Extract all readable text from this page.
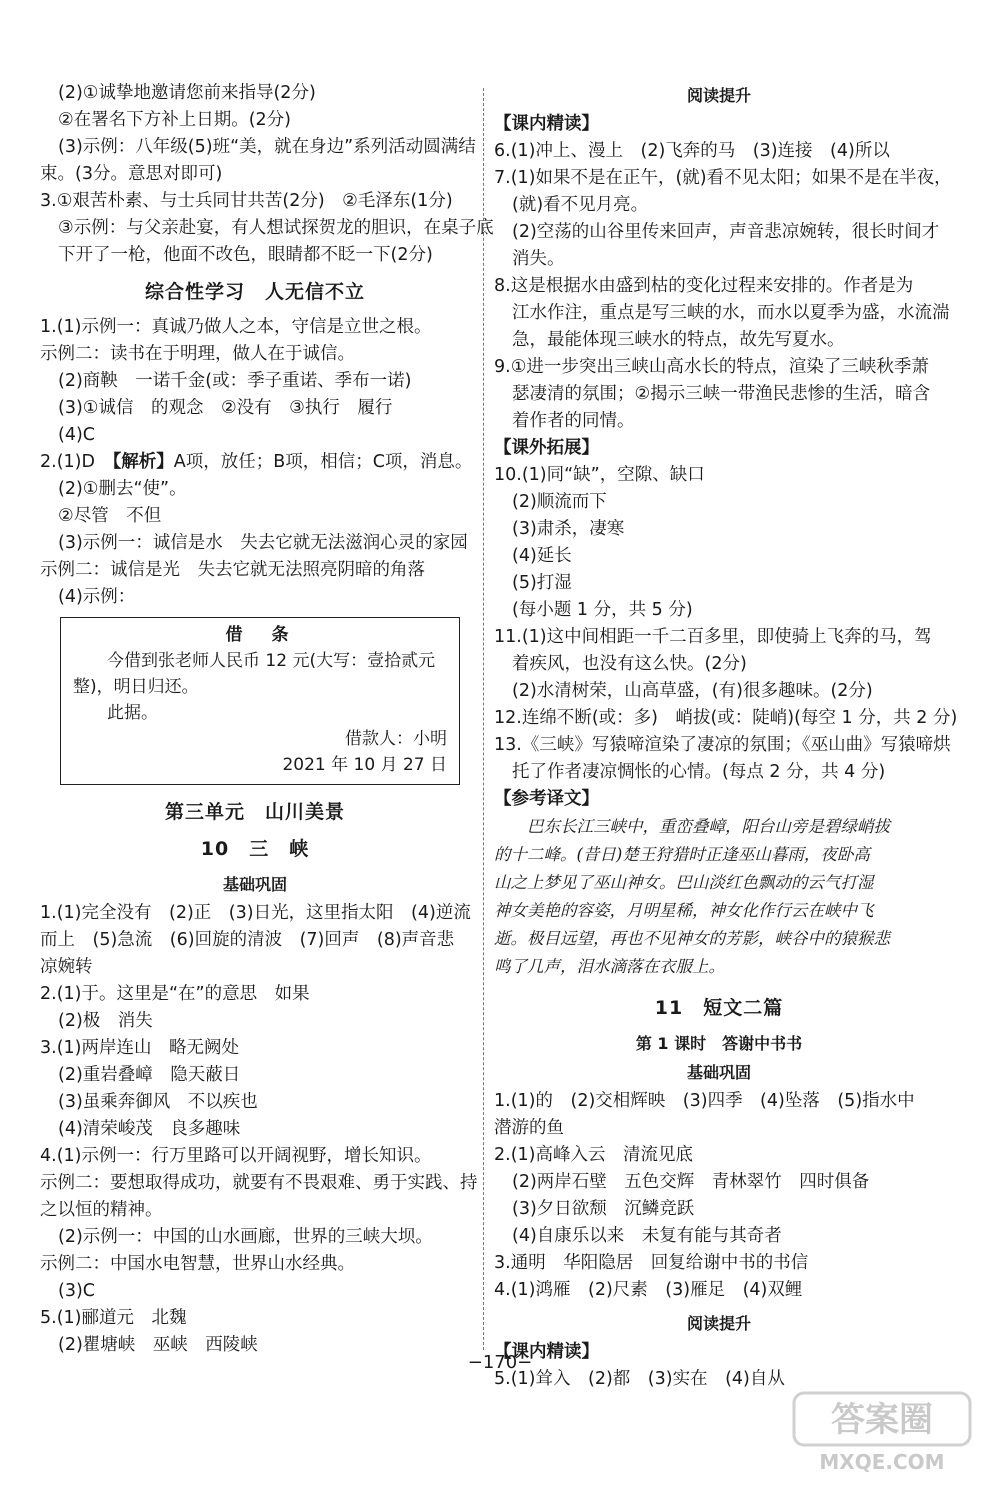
(2)①诚挚地邀请您前来指导(2分)
②在署名下方补上日期。(2分)
(3)示例：八年级(5)班“美，就在身边”系列活动圆满结
束。(3分。意思对即可)
3.①艰苦朴素、与士兵同甘共苦(2分)　②毛泽东(1分)
③示例：与父亲赴宴，有人想试探贺龙的胆识，在桌子底
下开了一枪，他面不改色，眼睛都不眨一下(2分)
综合性学习　人无信不立
1.(1)示例一：真诚乃做人之本，守信是立世之根。
示例二：读书在于明理，做人在于诚信。
(2)商鞅　一诺千金(或：季子重诺、季布一诺)
(3)①诚信　的观念　②没有　③执行　履行
(4)C
2.(1)D　【解析】A项，放任；B项，相信；C项，消息。
(2)①删去“使”。
②尽管　不但
(3)示例一：诚信是水　失去它就无法滋润心灵的家园
示例二：诚信是光　失去它就无法照亮阴暗的角落
(4)示例：
借　条
今借到张老师人民币 12 元(大写：壹拾贰元
整)，明日归还。
此据。
借款人：小明
2021 年 10 月 27 日
第三单元　山川美景
10　三　峡
基础巩固
1.(1)完全没有　(2)正　(3)日光，这里指太阳　(4)逆流
而上　(5)急流　(6)回旋的清波　(7)回声　(8)声音悲
凉婉转
2.(1)于。这里是“在”的意思　如果
(2)极　消失
3.(1)两岸连山　略无阙处
(2)重岩叠嶂　隐天蔽日
(3)虽乘奔御风　不以疾也
(4)清荣峻茂　良多趣味
4.(1)示例一：行万里路可以开阔视野，增长知识。
示例二：要想取得成功，就要有不畏艰难、勇于实践、持
之以恒的精神。
(2)示例一：中国的山水画廊，世界的三峡大坝。
示例二：中国水电智慧，世界山水经典。
(3)C
5.(1)郦道元　北魏
(2)瞿塘峡　巫峡　西陵峡
阅读提升
【课内精读】
6.(1)冲上、漫上　(2)飞奔的马　(3)连接　(4)所以
7.(1)如果不是在正午，(就)看不见太阳；如果不是在半夜，
(就)看不见月亮。
(2)空荡的山谷里传来回声，声音悲凉婉转，很长时间才
消失。
8.这是根据水由盛到枯的变化过程来安排的。作者是为
江水作注，重点是写三峡的水，而水以夏季为盛，水流湍
急，最能体现三峡水的特点，故先写夏水。
9.①进一步突出三峡山高水长的特点，渲染了三峡秋季萧
瑟凄清的氛围；②揭示三峡一带渔民悲惨的生活，暗含
着作者的同情。
【课外拓展】
10.(1)同“缺”，空隙、缺口
(2)顺流而下
(3)肃杀，凄寒
(4)延长
(5)打湿
(每小题 1 分，共 5 分)
11.(1)这中间相距一千二百多里，即使骑上飞奔的马，驾
着疾风，也没有这么快。(2分)
(2)水清树荣，山高草盛，(有)很多趣味。(2分)
12.连绵不断(或：多)　峭拔(或：陡峭)(每空 1 分，共 2 分)
13.《三峡》写猿啼渲染了凄凉的氛围；《巫山曲》写猿啼烘
托了作者凄凉惆怅的心情。(每点 2 分，共 4 分)
【参考译文】
巴东长江三峡中，重峦叠嶂，阳台山旁是碧绿峭拔
的十二峰。(昔日)楚王狩猎时正逢巫山暮雨，夜卧高
山之上梦见了巫山神女。巴山淡红色飘动的云气打湿
神女美艳的容姿，月明星稀，神女化作行云在峡中飞
逝。极目远望，再也不见神女的芳影，峡谷中的猿猴悲
鸣了几声，泪水滴落在衣服上。
11　短文二篇
第 1 课时　答谢中书书
基础巩固
1.(1)的　(2)交相辉映　(3)四季　(4)坠落　(5)指水中
潜游的鱼
2.(1)高峰入云　清流见底
(2)两岸石壁　五色交辉　青林翠竹　四时俱备
(3)夕日欲颓　沉鳞竞跃
(4)自康乐以来　未复有能与其奇者
3.通明　华阳隐居　回复给谢中书的书信
4.(1)鸿雁　(2)尺素　(3)雁足　(4)双鲤
阅读提升
【课内精读】
5.(1)耸入　(2)都　(3)实在　(4)自从
−170−
答案圈
MXQE.COM
